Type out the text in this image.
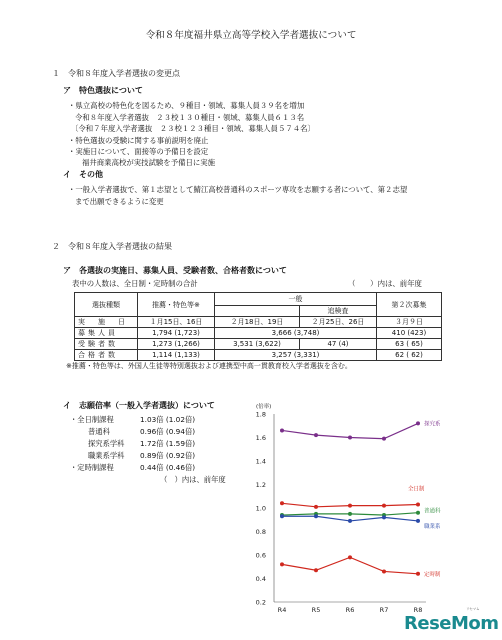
令和８年度福井県立高等学校入学者選抜について
１　令和８年度入学者選抜の変更点
ア　特色選抜について
・県立高校の特色化を図るため、９種目・領域、募集人員３９名を増加
令和８年度入学者選抜　２３校１３０種目・領域、募集人員６１３名
〔令和７年度入学者選抜　２３校１２３種目・領域、募集人員５７４名〕
・特色選抜の受験に関する事前説明を廃止
・実施日について、面接等の予備日を設定
福井商業高校が実技試験を予備日に実施
イ　その他
・一般入学者選抜で、第１志望として鯖江高校普通科のスポーツ専攻を志願する者について、第２志望
まで出願できるように変更
２　令和８年度入学者選抜の結果
ア　各選抜の実施日、募集人員、受験者数、合格者数について
表中の人数は、全日制・定時制の合計	（　　）内は、前年度
選抜種類	推薦・特色等※	一般		第２次募集
			追検査	
実　施　日	１月15日、16日	２月18日、19日	２月25日、26日	３月９日
募集人員	1,794 (1,723)	3,666 (3,748)		410 (423)
受験者数	1,273 (1,266)	3,531 (3,622)	47 (4)	63 ( 65)
合格者数	1,114 (1,133)	3,257 (3,331)		62 ( 62)
※推薦・特色等は、外国人生徒等特別選抜および連携型中高一貫教育校入学者選抜を含む。
イ　志願倍率（一般入学者選抜）について
・全日制課程	1.03倍 (1.02倍)
普通科	0.96倍 (0.94倍)
探究系学科 1.72倍 (1.59倍)
職業系学科 0.89倍 (0.92倍)
・定時制課程	0.44倍 (0.46倍)
（　）内は、前年度
(倍率)
1.8
1.6
1.4
1.2
1.0
0.8
0.6
0.4
0.2
R4	R5	R6	R7	R8
探究系
全日制
普通科
職業系
定時制
ReseMom
リセマム
